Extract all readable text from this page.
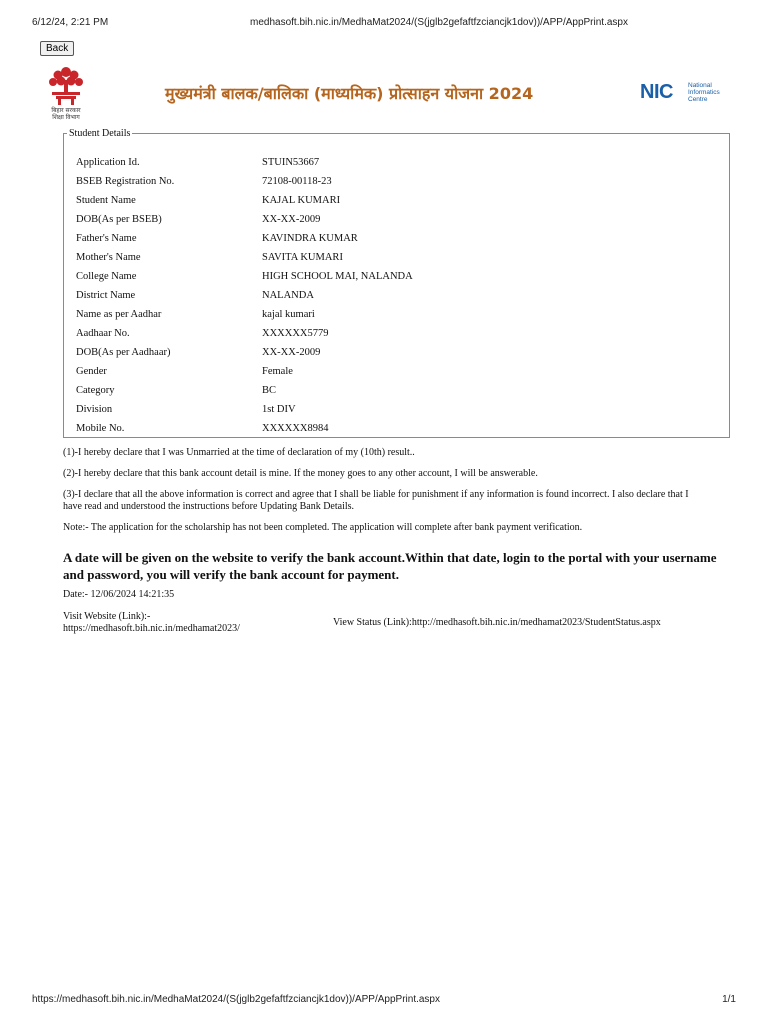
6/12/24, 2:21 PM	medhasoft.bih.nic.in/MedhaMat2024/(S(jglb2gefaftfzciancjk1dov))/APP/AppPrint.aspx
Back
बिहार सरकार
शिक्षा विभाग
मुख्यमंत्री बालक/बालिका (माध्यमिक) प्रोत्साहन योजना 2024	NIC National
Informatics
Centre
Student Details
Application Id.	STUIN53667
BSEB Registration No.	72108-00118-23
Student Name	KAJAL KUMARI
DOB(As per BSEB)	XX-XX-2009
Father's Name	KAVINDRA KUMAR
Mother's Name	SAVITA KUMARI
College Name	HIGH SCHOOL MAI, NALANDA
District Name	NALANDA
Name as per Aadhar	kajal kumari
Aadhaar No.	XXXXXX5779
DOB(As per Aadhaar)	XX-XX-2009
Gender	Female
Category	BC
Division	1st DIV
Mobile No.	XXXXXX8984
(1)-I hereby declare that I was Unmarried at the time of declaration of my (10th) result..
(2)-I hereby declare that this bank account detail is mine. If the money goes to any other account, I will be answerable.
(3)-I declare that all the above information is correct and agree that I shall be liable for punishment if any information is found incorrect. I also declare that I have read and understood the instructions before Updating Bank Details.
Note:- The application for the scholarship has not been completed. The application will complete after bank payment verification.
A date will be given on the website to verify the bank account.Within that date, login to the portal with your username and password, you will verify the bank account for payment.
Date:- 12/06/2024 14:21:35
Visit Website (Link):-
https://medhasoft.bih.nic.in/medhamat2023/
View Status (Link):http://medhasoft.bih.nic.in/medhamat2023/StudentStatus.aspx
https://medhasoft.bih.nic.in/MedhaMat2024/(S(jglb2gefaftfzciancjk1dov))/APP/AppPrint.aspx	1/1
